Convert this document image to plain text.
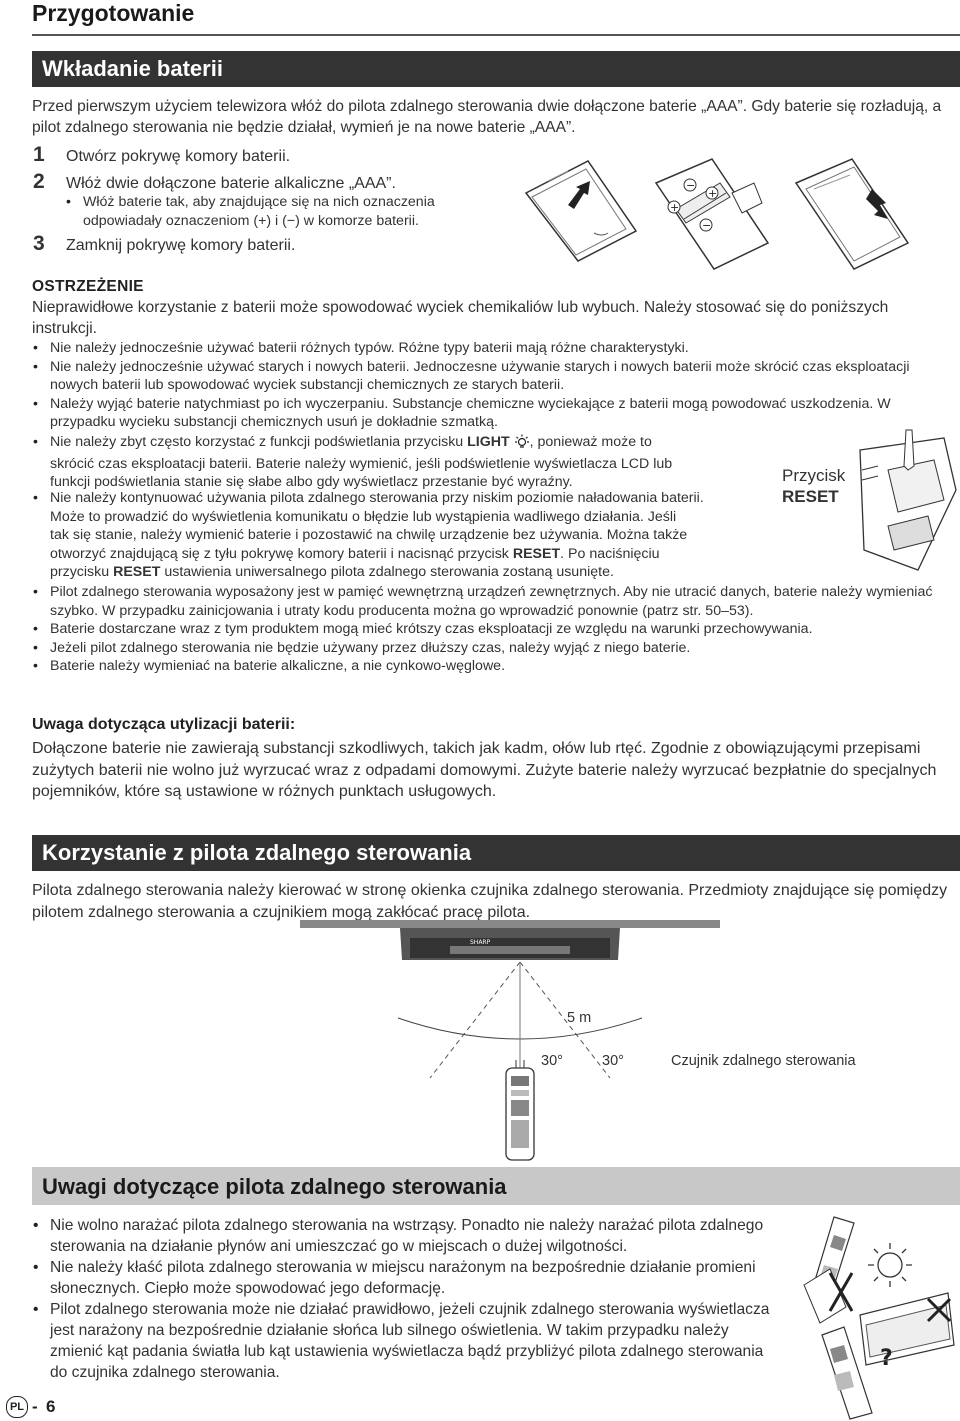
Przygotowanie
Wkładanie baterii
Przed pierwszym użyciem telewizora włóż do pilota zdalnego sterowania dwie dołączone baterie „AAA”. Gdy baterie się rozładują, a pilot zdalnego sterowania nie będzie działał, wymień je na nowe baterie „AAA”.
1 Otwórz pokrywę komory baterii.
2 Włóż dwie dołączone baterie alkaliczne „AAA”.
• Włóż baterie tak, aby znajdujące się na nich oznaczenia odpowiadały oznaczeniom (+) i (−) w komorze baterii.
3 Zamknij pokrywę komory baterii.
−
+
+
−
OSTRZEŻENIE
Nieprawidłowe korzystanie z baterii może spowodować wyciek chemikaliów lub wybuch. Należy stosować się do poniższych instrukcji.
• Nie należy jednocześnie używać baterii różnych typów. Różne typy baterii mają różne charakterystyki.
• Nie należy jednocześnie używać starych i nowych baterii. Jednoczesne używanie starych i nowych baterii może skrócić czas eksploatacji nowych baterii lub spowodować wyciek substancji chemicznych ze starych baterii.
• Należy wyjąć baterie natychmiast po ich wyczerpaniu. Substancje chemiczne wyciekające z baterii mogą powodować uszkodzenia. W przypadku wycieku substancji chemicznych usuń je dokładnie szmatką.
• Nie należy zbyt często korzystać z funkcji podświetlania przycisku LIGHT , ponieważ może to
skrócić czas eksploatacji baterii. Baterie należy wymienić, jeśli podświetlenie wyświetlacza LCD lub
funkcji podświetlania stanie się słabe albo gdy wyświetlacz przestanie być wyraźny.
• Nie należy kontynuować używania pilota zdalnego sterowania przy niskim poziomie naładowania baterii.
Może to prowadzić do wyświetlenia komunikatu o błędzie lub wystąpienia wadliwego działania. Jeśli
tak się stanie, należy wymienić baterie i pozostawić na chwilę urządzenie bez używania. Można także
otworzyć znajdującą się z tyłu pokrywę komory baterii i nacisnąć przycisk RESET. Po naciśnięciu
przycisku RESET ustawienia uniwersalnego pilota zdalnego sterowania zostaną usunięte.
Przycisk
RESET
• Pilot zdalnego sterowania wyposażony jest w pamięć wewnętrzną urządzeń zewnętrznych. Aby nie utracić danych, baterie należy wymieniać szybko. W przypadku zainicjowania i utraty kodu producenta można go wprowadzić ponownie (patrz str. 50–53).
• Baterie dostarczane wraz z tym produktem mogą mieć krótszy czas eksploatacji ze względu na warunki przechowywania.
• Jeżeli pilot zdalnego sterowania nie będzie używany przez dłuższy czas, należy wyjąć z niego baterie.
• Baterie należy wymieniać na baterie alkaliczne, a nie cynkowo-węglowe.
Uwaga dotycząca utylizacji baterii:
Dołączone baterie nie zawierają substancji szkodliwych, takich jak kadm, ołów lub rtęć. Zgodnie z obowiązującymi przepisami zużytych baterii nie wolno już wyrzucać wraz z odpadami domowymi. Zużyte baterie należy wyrzucać bezpłatnie do specjalnych pojemników, które są ustawione w różnych punktach usługowych.
Korzystanie z pilota zdalnego sterowania
Pilota zdalnego sterowania należy kierować w stronę okienka czujnika zdalnego sterowania. Przedmioty znajdujące się pomiędzy pilotem zdalnego sterowania a czujnikiem mogą zakłócać pracę pilota.
SHARP
5 m
30°	30°	Czujnik zdalnego sterowania
Uwagi dotyczące pilota zdalnego sterowania
• Nie wolno narażać pilota zdalnego sterowania na wstrząsy. Ponadto nie należy narażać pilota zdalnego sterowania na działanie płynów ani umieszczać go w miejscach o dużej wilgotności.
• Nie należy kłaść pilota zdalnego sterowania w miejscu narażonym na bezpośrednie działanie promieni słonecznych. Ciepło może spowodować jego deformację.
• Pilot zdalnego sterowania może nie działać prawidłowo, jeżeli czujnik zdalnego sterowania wyświetlacza jest narażony na bezpośrednie działanie słońca lub silnego oświetlenia. W takim przypadku należy zmienić kąt padania światła lub kąt ustawienia wyświetlacza bądź przybliżyć pilota zdalnego sterowania do czujnika zdalnego sterowania.
?
PL - 6
